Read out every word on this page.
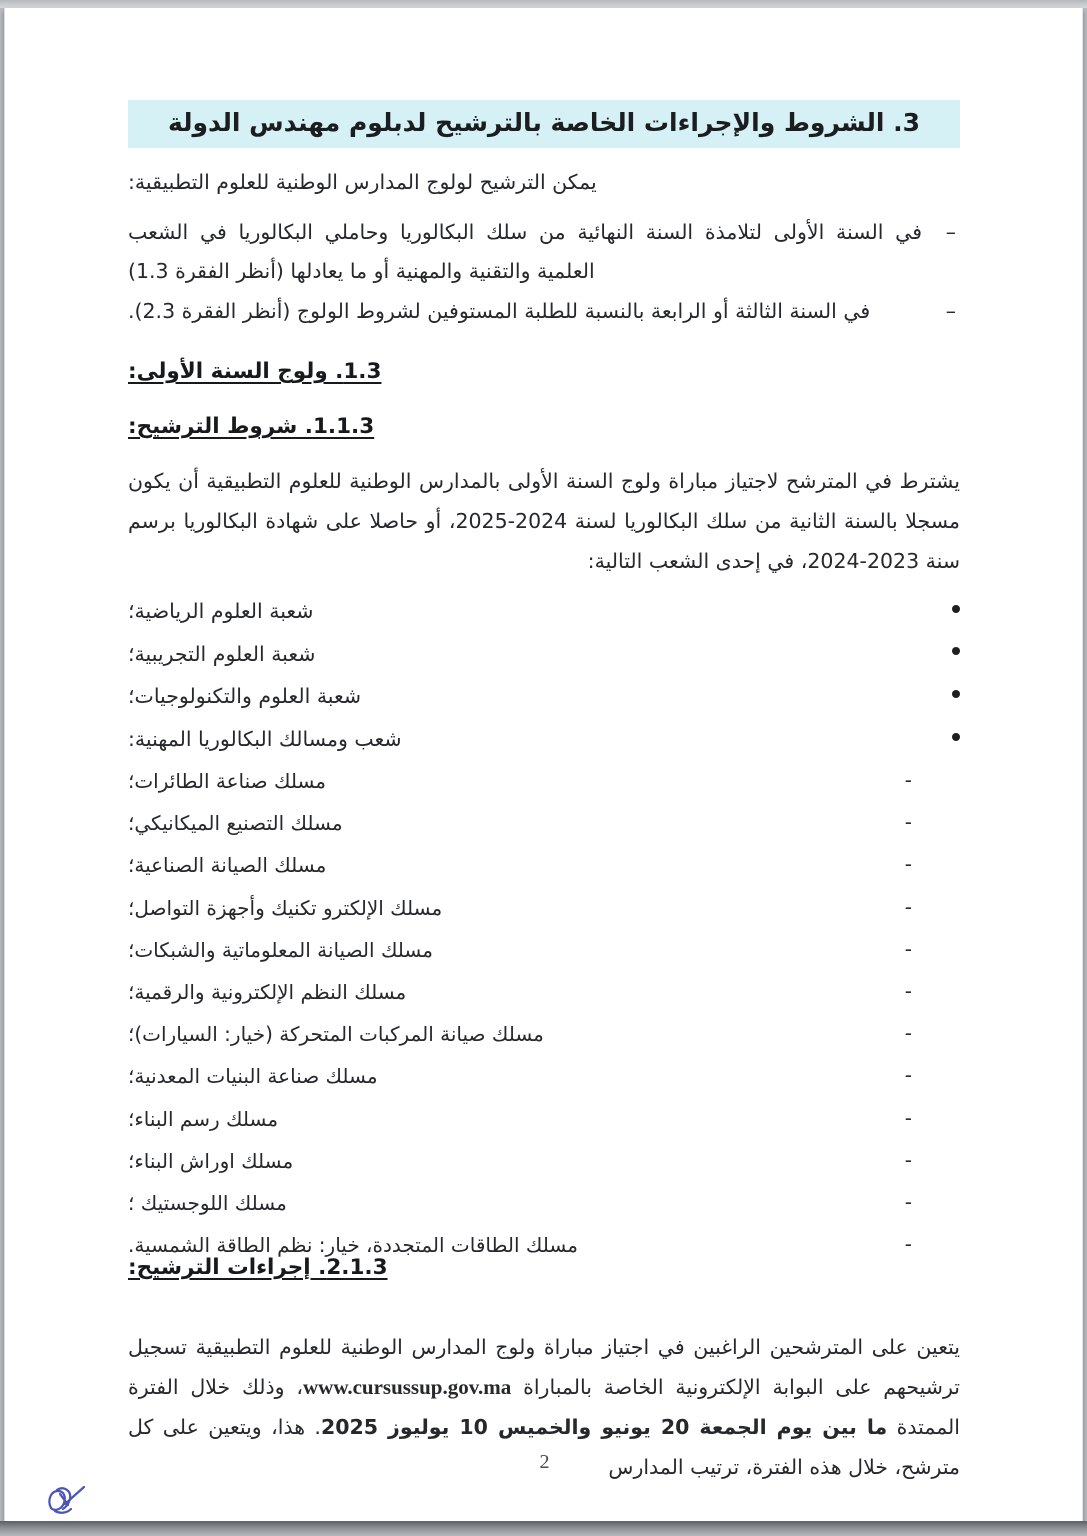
3. الشروط والإجراءات الخاصة بالترشيح لدبلوم مهندس الدولة
يمكن الترشيح لولوج المدارس الوطنية للعلوم التطبيقية:
–
في السنة الأولى لتلامذة السنة النهائية من سلك البكالوريا وحاملي البكالوريا في الشعب العلمية والتقنية والمهنية أو ما يعادلها (أنظر الفقرة 1.3)
–
في السنة الثالثة أو الرابعة بالنسبة للطلبة المستوفين لشروط الولوج (أنظر الفقرة 2.3).
1.3. ولوج السنة الأولى:
1.1.3. شروط الترشيح:
يشترط في المترشح لاجتياز مباراة ولوج السنة الأولى بالمدارس الوطنية للعلوم التطبيقية أن يكون مسجلا بالسنة الثانية من سلك البكالوريا لسنة 2024-2025، أو حاصلا على شهادة البكالوريا برسم سنة 2023-2024، في إحدى الشعب التالية:
شعبة العلوم الرياضية؛
شعبة العلوم التجريبية؛
شعبة العلوم والتكنولوجيات؛
شعب ومسالك البكالوريا المهنية:
-
مسلك صناعة الطائرات؛
-
مسلك التصنيع الميكانيكي؛
-
مسلك الصيانة الصناعية؛
-
مسلك الإلكترو تكنيك وأجهزة التواصل؛
-
مسلك الصيانة المعلوماتية والشبكات؛
-
مسلك النظم الإلكترونية والرقمية؛
-
مسلك صيانة المركبات المتحركة (خيار: السيارات)؛
-
مسلك صناعة البنيات المعدنية؛
-
مسلك رسم البناء؛
-
مسلك اوراش البناء؛
-
مسلك اللوجستيك ؛
-
مسلك الطاقات المتجددة، خيار: نظم الطاقة الشمسية.
2.1.3. إجراءات الترشيح:

يتعين على المترشحين الراغبين في اجتياز مباراة ولوج المدارس الوطنية للعلوم التطبيقية تسجيل ترشيحهم على البوابة الإلكترونية الخاصة بالمباراة www.cursussup.gov.ma، وذلك خلال الفترة الممتدة ما بين يوم الجمعة 20 يونيو والخميس 10 يوليوز 2025. هذا، ويتعين على كل مترشح، خلال هذه الفترة، ترتيب المدارس

2
